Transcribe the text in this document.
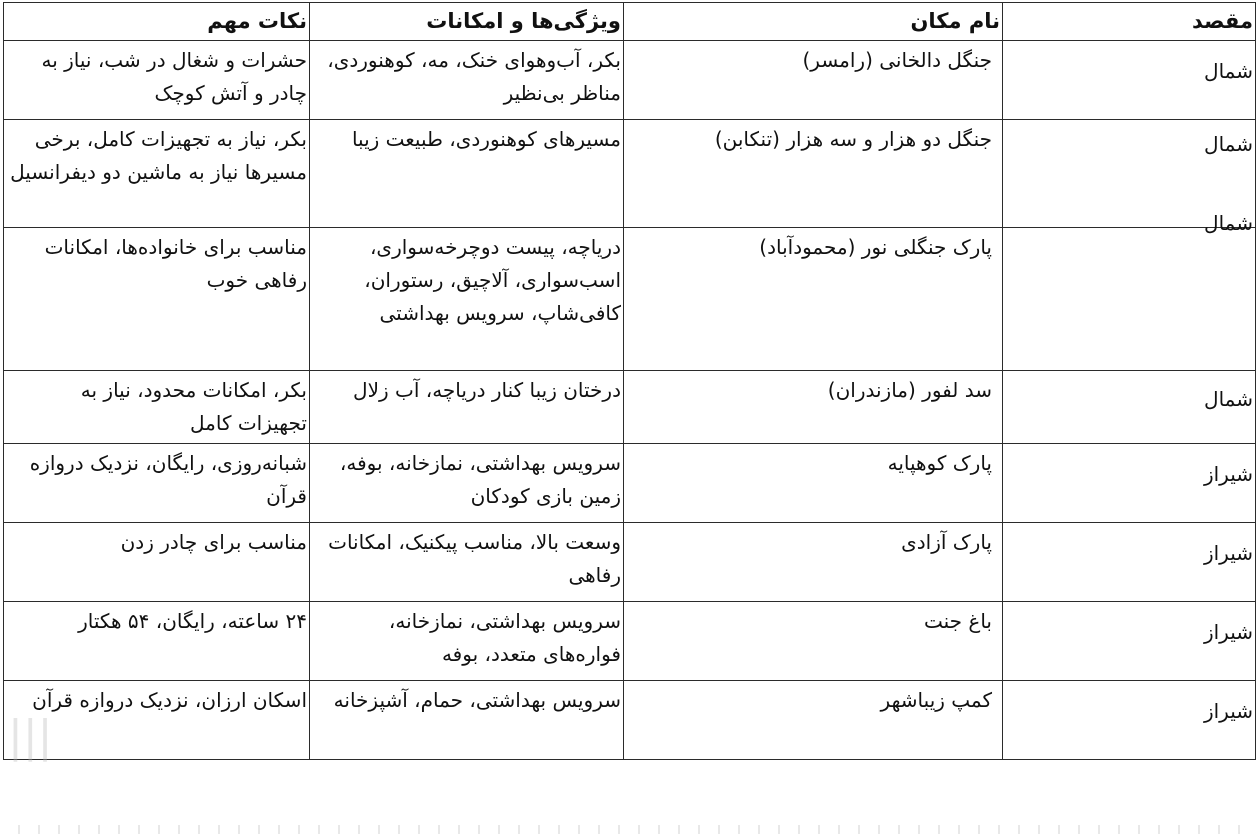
مقصد	نام مکان	ویژگی‌ها و امکانات	نکات مهم

شمال	جنگل دالخانی (رامسر)	بکر، آب‌وهوای خنک، مه، کوهنوردی، مناظر بی‌نظیر	حشرات و شغال در شب، نیاز به چادر و آتش کوچک

شمال	جنگل دو هزار و سه هزار (تنکابن)	مسیرهای کوهنوردی، طبیعت زیبا	بکر، نیاز به تجهیزات کامل، برخی مسیرها نیاز به ماشین دو دیفرانسیل

شمال	پارک جنگلی نور (محمودآباد)	دریاچه، پیست دوچرخه‌سواری، اسب‌سواری، آلاچیق، رستوران، کافی‌شاپ، سرویس بهداشتی	مناسب برای خانواده‌ها، امکانات رفاهی خوب

شمال	سد لفور (مازندران)	درختان زیبا کنار دریاچه، آب زلال	بکر، امکانات محدود، نیاز به تجهیزات کامل

شیراز	پارک کوهپایه	سرویس بهداشتی، نمازخانه، بوفه، زمین بازی کودکان	شبانه‌روزی، رایگان، نزدیک دروازه قرآن

شیراز	پارک آزادی	وسعت بالا، مناسب پیکنیک، امکانات رفاهی	مناسب برای چادر زدن

شیراز	باغ جنت	سرویس بهداشتی، نمازخانه، فواره‌های متعدد، بوفه	۲۴ ساعته، رایگان، ۵۴ هکتار

شیراز	کمپ زیباشهر	سرویس بهداشتی، حمام، آشپزخانه	اسکان ارزان، نزدیک دروازه قرآن
|||
